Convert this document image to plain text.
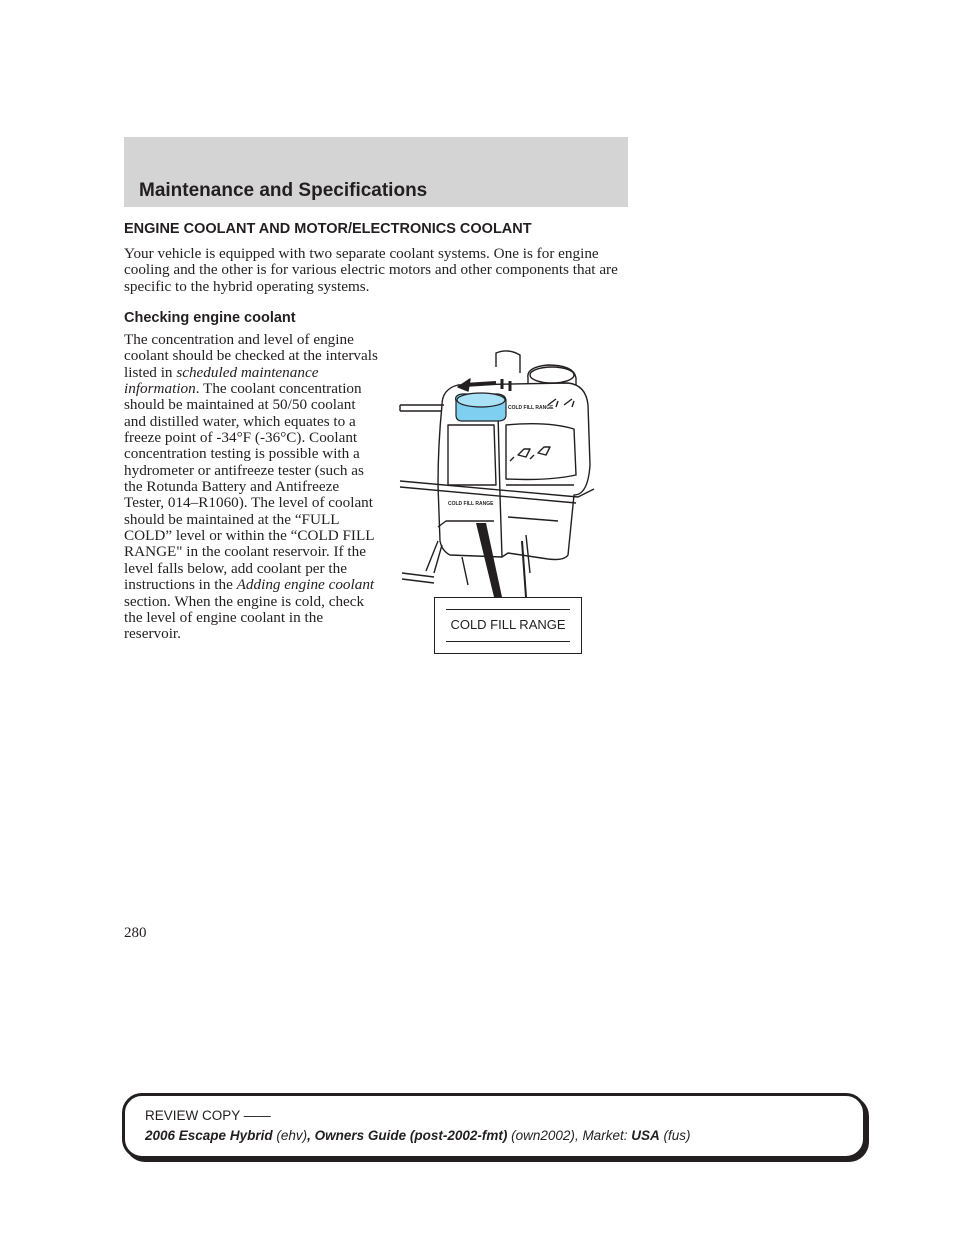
Maintenance and Specifications
ENGINE COOLANT AND MOTOR/ELECTRONICS COOLANT

Your vehicle is equipped with two separate coolant systems. One is for engine cooling and the other is for various electric motors and other components that are specific to the hybrid operating systems.

Checking engine coolant

The concentration and level of engine coolant should be checked at the intervals listed in scheduled maintenance information. The coolant concentration should be maintained at 50/50 coolant and distilled water, which equates to a freeze point of -34°F (-36°C). Coolant concentration testing is possible with a hydrometer or antifreeze tester (such as the Rotunda Battery and Antifreeze Tester, 014–R1060). The level of coolant should be maintained at the “FULL COLD” level or within the “COLD FILL RANGE" in the coolant reservoir. If the level falls below, add coolant per the instructions in the Adding engine coolant section. When the engine is cold, check the level of engine coolant in the reservoir.

COLD FILL RANGE
COLD FILL RANGE
COLD FILL RANGE
280
REVIEW COPY ——
2006 Escape Hybrid (ehv), Owners Guide (post-2002-fmt) (own2002), Market: USA (fus)
